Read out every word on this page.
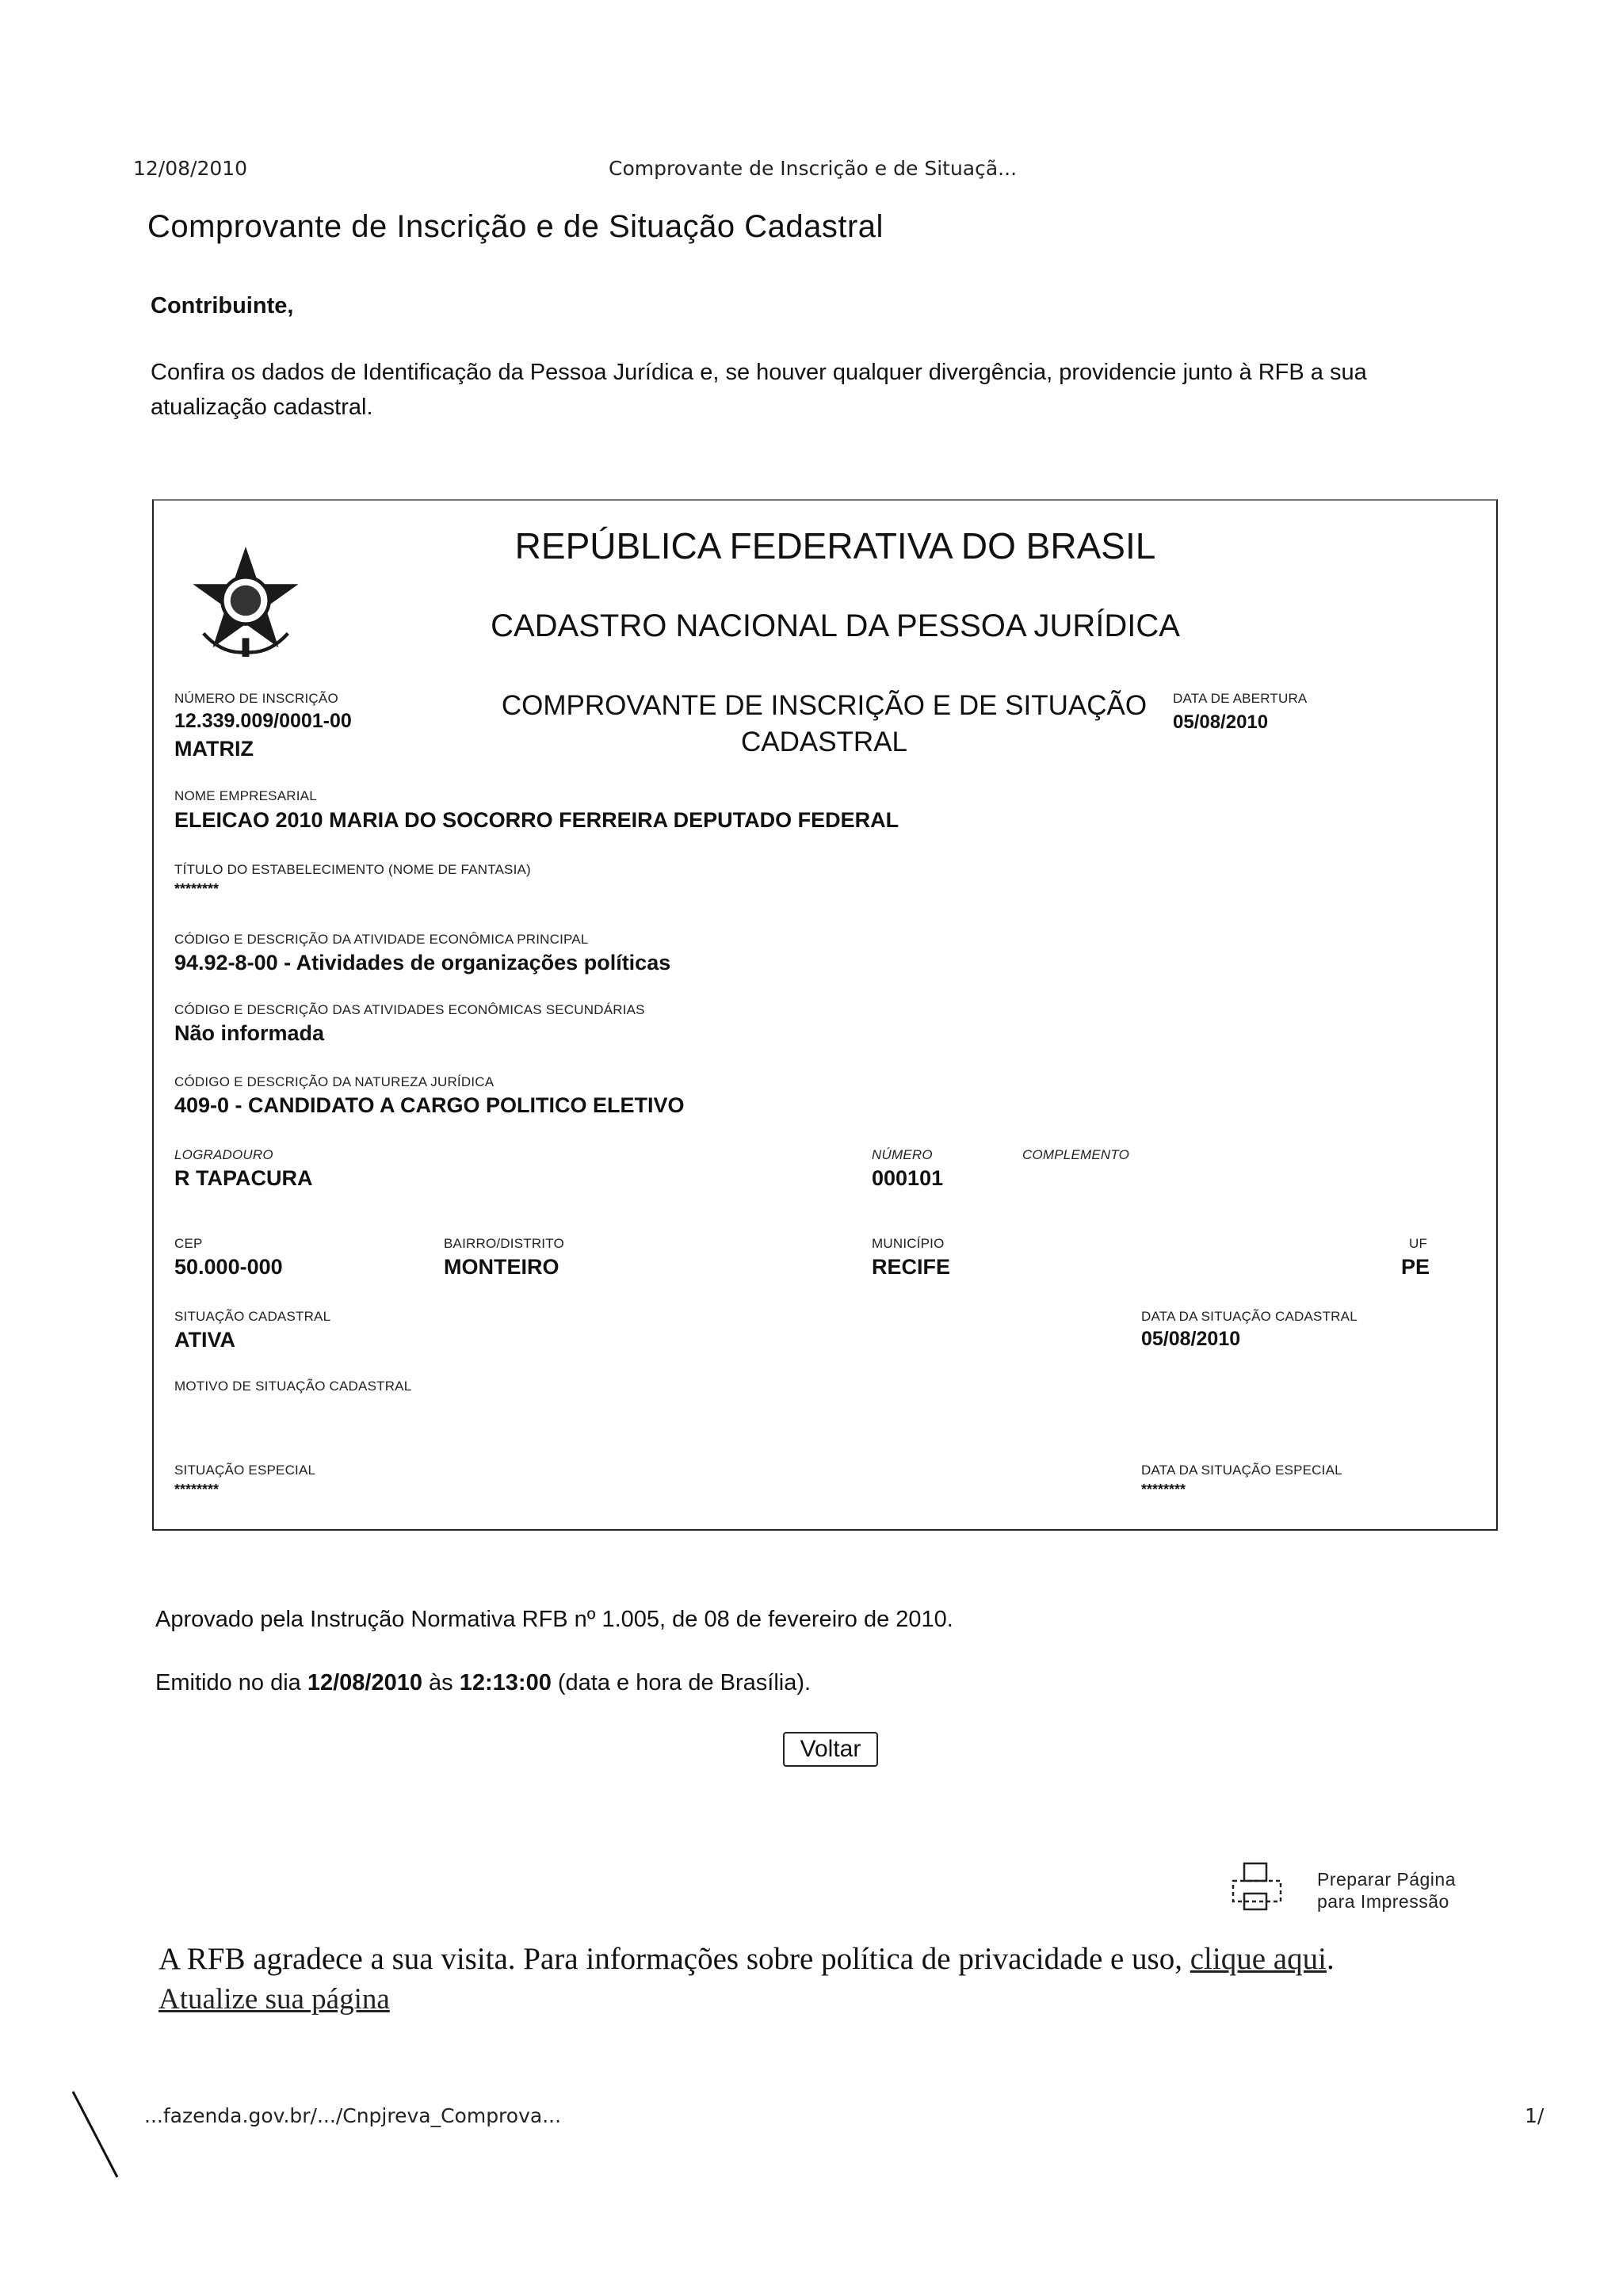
12/08/2010	Comprovante de Inscrição e de Situaçã...
Comprovante de Inscrição e de Situação Cadastral
Contribuinte,

Confira os dados de Identificação da Pessoa Jurídica e, se houver qualquer divergência, providencie junto à RFB a sua atualização cadastral.

REPÚBLICA FEDERATIVA DO BRASIL
CADASTRO NACIONAL DA PESSOA JURÍDICA
NÚMERO DE INSCRIÇÃO
12.339.009/0001-00
MATRIZ
COMPROVANTE DE INSCRIÇÃO E DE SITUAÇÃO CADASTRAL
DATA DE ABERTURA
05/08/2010
NOME EMPRESARIAL
ELEICAO 2010 MARIA DO SOCORRO FERREIRA DEPUTADO FEDERAL
TÍTULO DO ESTABELECIMENTO (NOME DE FANTASIA)
********
CÓDIGO E DESCRIÇÃO DA ATIVIDADE ECONÔMICA PRINCIPAL
94.92-8-00 - Atividades de organizações políticas
CÓDIGO E DESCRIÇÃO DAS ATIVIDADES ECONÔMICAS SECUNDÁRIAS
Não informada
CÓDIGO E DESCRIÇÃO DA NATUREZA JURÍDICA
409-0 - CANDIDATO A CARGO POLITICO ELETIVO
LOGRADOURO
R TAPACURA
NÚMERO
000101
COMPLEMENTO
CEP
50.000-000
BAIRRO/DISTRITO
MONTEIRO
MUNICÍPIO
RECIFE
UF
PE
SITUAÇÃO CADASTRAL
ATIVA
DATA DA SITUAÇÃO CADASTRAL
05/08/2010
MOTIVO DE SITUAÇÃO CADASTRAL
SITUAÇÃO ESPECIAL
********
DATA DA SITUAÇÃO ESPECIAL
********

Aprovado pela Instrução Normativa RFB nº 1.005, de 08 de fevereiro de 2010.

Emitido no dia 12/08/2010 às 12:13:00 (data e hora de Brasília).

Voltar
Preparar Página
para Impressão

A RFB agradece a sua visita. Para informações sobre política de privacidade e uso, clique aqui.

Atualize sua página
...fazenda.gov.br/.../Cnpjreva_Comprova...	1/
